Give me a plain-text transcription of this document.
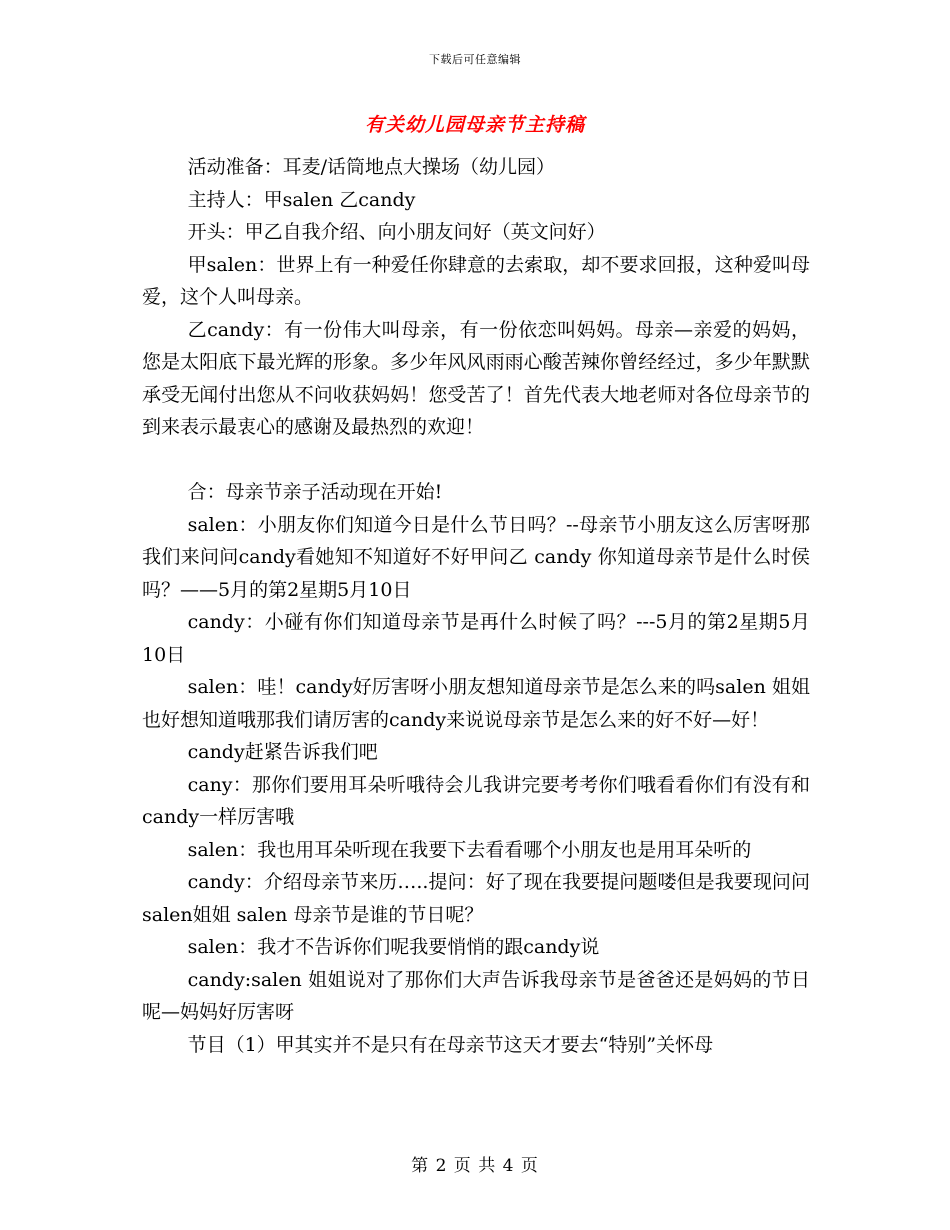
下载后可任意编辑
有关幼儿园母亲节主持稿

活动准备：耳麦/话筒地点大操场（幼儿园）

主持人：甲salen 乙candy

开头：甲乙自我介绍、向小朋友问好（英文问好）

甲salen：世界上有一种爱任你肆意的去索取，却不要求回报，这种爱叫母爱，这个人叫母亲。

乙candy：有一份伟大叫母亲，有一份依恋叫妈妈。母亲—亲爱的妈妈，您是太阳底下最光辉的形象。多少年风风雨雨心酸苦辣你曾经经过，多少年默默承受无闻付出您从不问收获妈妈！您受苦了！首先代表大地老师对各位母亲节的到来表示最衷心的感谢及最热烈的欢迎！

合：母亲节亲子活动现在开始!

salen：小朋友你们知道今日是什么节日吗？--母亲节小朋友这么厉害呀那我们来问问candy看她知不知道好不好甲问乙 candy 你知道母亲节是什么时侯吗？——5月的第2星期5月10日

candy：小碰有你们知道母亲节是再什么时候了吗？---5月的第2星期5月10日

salen：哇！candy好厉害呀小朋友想知道母亲节是怎么来的吗salen 姐姐也好想知道哦那我们请厉害的candy来说说母亲节是怎么来的好不好—好！

candy赶紧告诉我们吧

cany：那你们要用耳朵听哦待会儿我讲完要考考你们哦看看你们有没有和candy一样厉害哦

salen：我也用耳朵听现在我要下去看看哪个小朋友也是用耳朵听的

candy：介绍母亲节来历…..提问：好了现在我要提问题喽但是我要现问问salen姐姐 salen 母亲节是谁的节日呢？

salen：我才不告诉你们呢我要悄悄的跟candy说

candy:salen 姐姐说对了那你们大声告诉我母亲节是爸爸还是妈妈的节日呢—妈妈好厉害呀

节目（1）甲其实并不是只有在母亲节这天才要去“特别”关怀母

第 2 页 共 4 页
